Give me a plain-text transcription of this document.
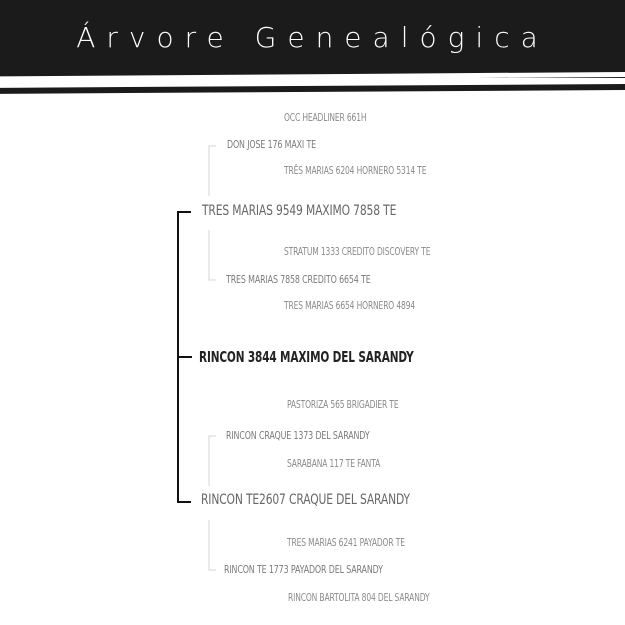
Árvore Genealógica
OCC HEADLINER 661H
TRÊS MARIAS 6204 HORNERO 5314 TE
STRATUM 1333 CREDITO DISCOVERY TE
TRES MARIAS 6654 HORNERO 4894
PASTORIZA 565 BRIGADIER TE
SARABANA 117 TE FANTA
TRES MARIAS 6241 PAYADOR TE
RINCON BARTOLITA 804 DEL SARANDY
DON JOSE 176 MAXI TE
TRES MARIAS 7858 CREDITO 6654 TE
RINCON CRAQUE 1373 DEL SARANDY
RINCON TE 1773 PAYADOR DEL SARANDY
TRES MARIAS 9549 MAXIMO 7858 TE
RINCON TE2607 CRAQUE DEL SARANDY
RINCON 3844 MAXIMO DEL SARANDY
